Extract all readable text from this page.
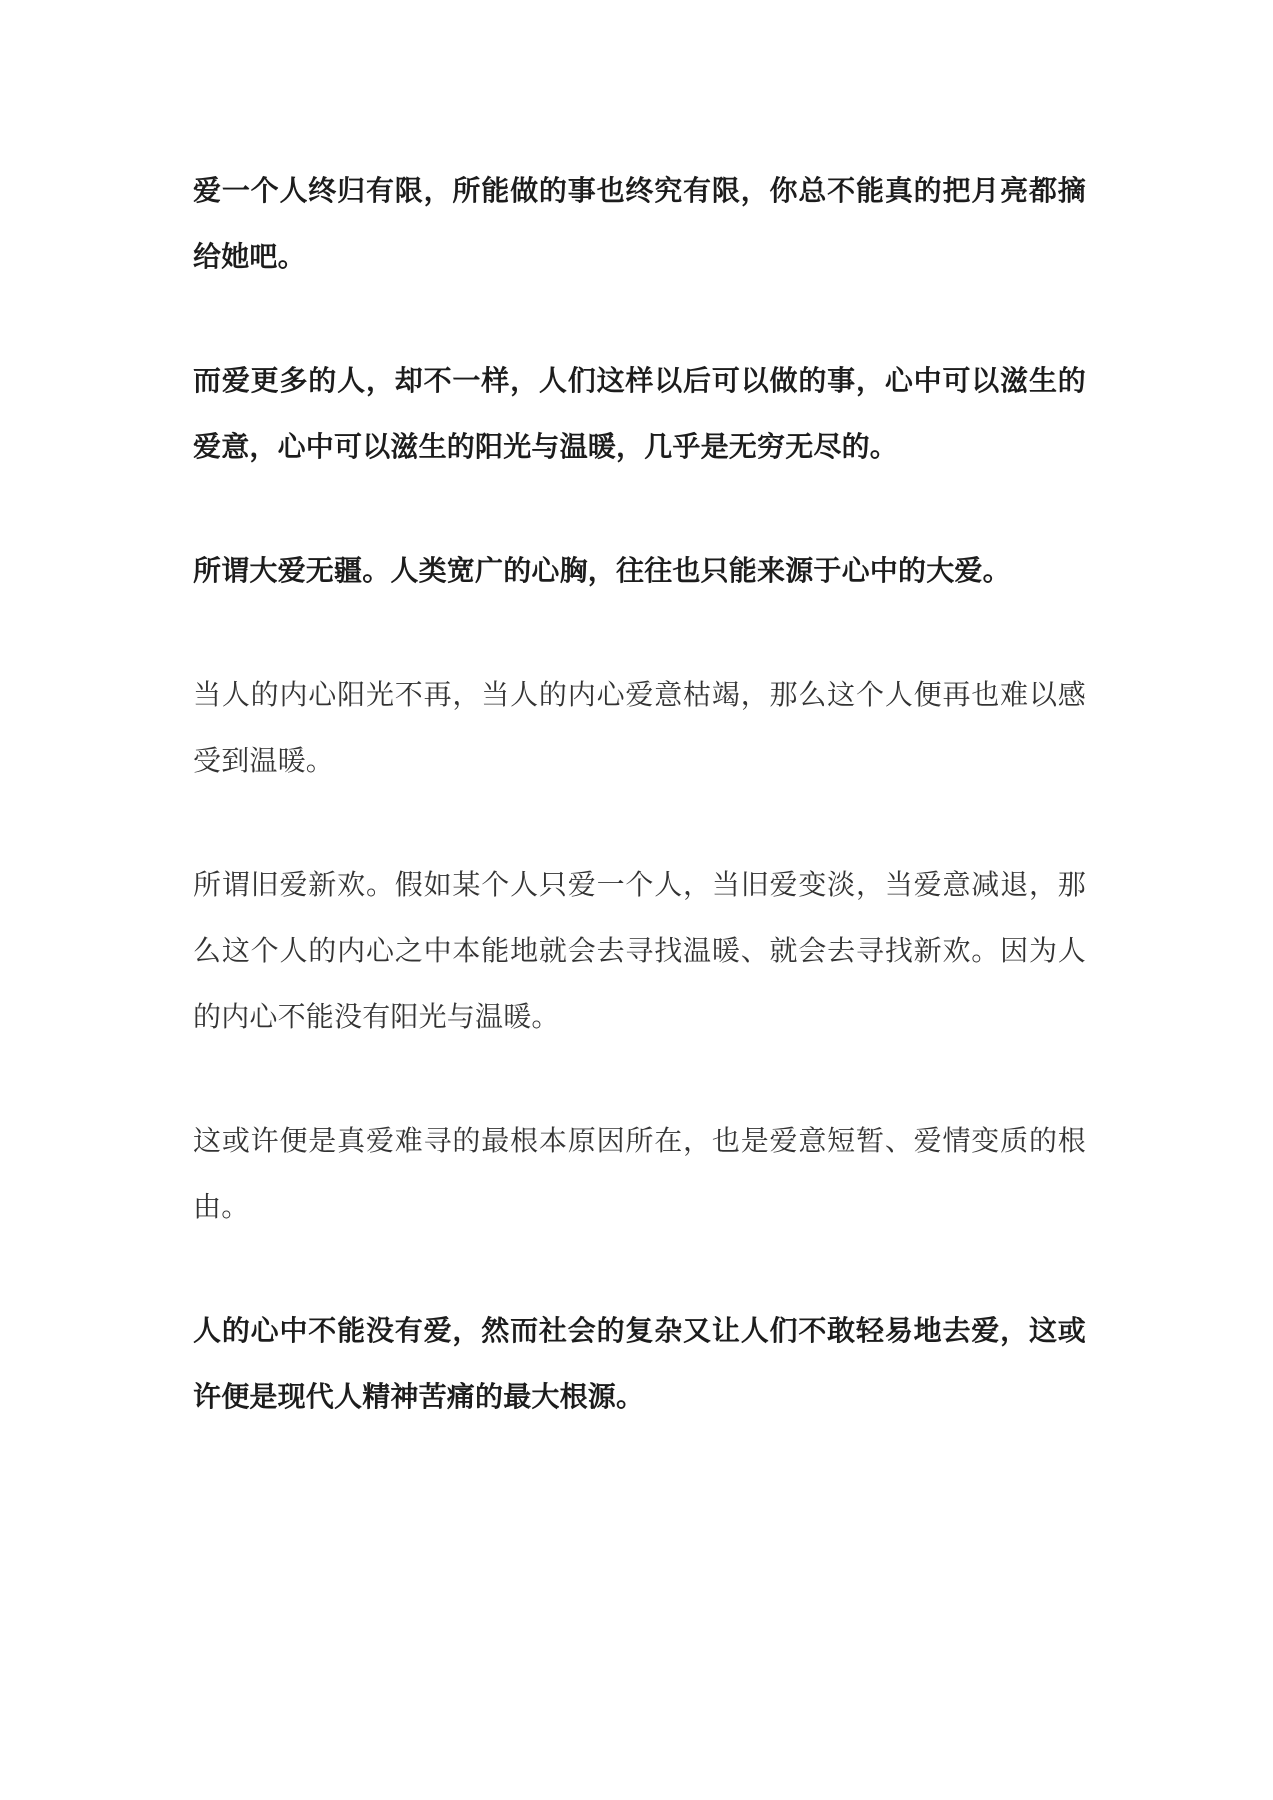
爱一个人终归有限，所能做的事也终究有限，你总不能真的把月亮都摘给她吧。

而爱更多的人，却不一样，人们这样以后可以做的事，心中可以滋生的爱意，心中可以滋生的阳光与温暖，几乎是无穷无尽的。

所谓大爱无疆。人类宽广的心胸，往往也只能来源于心中的大爱。

当人的内心阳光不再，当人的内心爱意枯竭，那么这个人便再也难以感受到温暖。

所谓旧爱新欢。假如某个人只爱一个人，当旧爱变淡，当爱意减退，那么这个人的内心之中本能地就会去寻找温暖、就会去寻找新欢。因为人的内心不能没有阳光与温暖。

这或许便是真爱难寻的最根本原因所在，也是爱意短暂、爱情变质的根由。

人的心中不能没有爱，然而社会的复杂又让人们不敢轻易地去爱，这或许便是现代人精神苦痛的最大根源。
